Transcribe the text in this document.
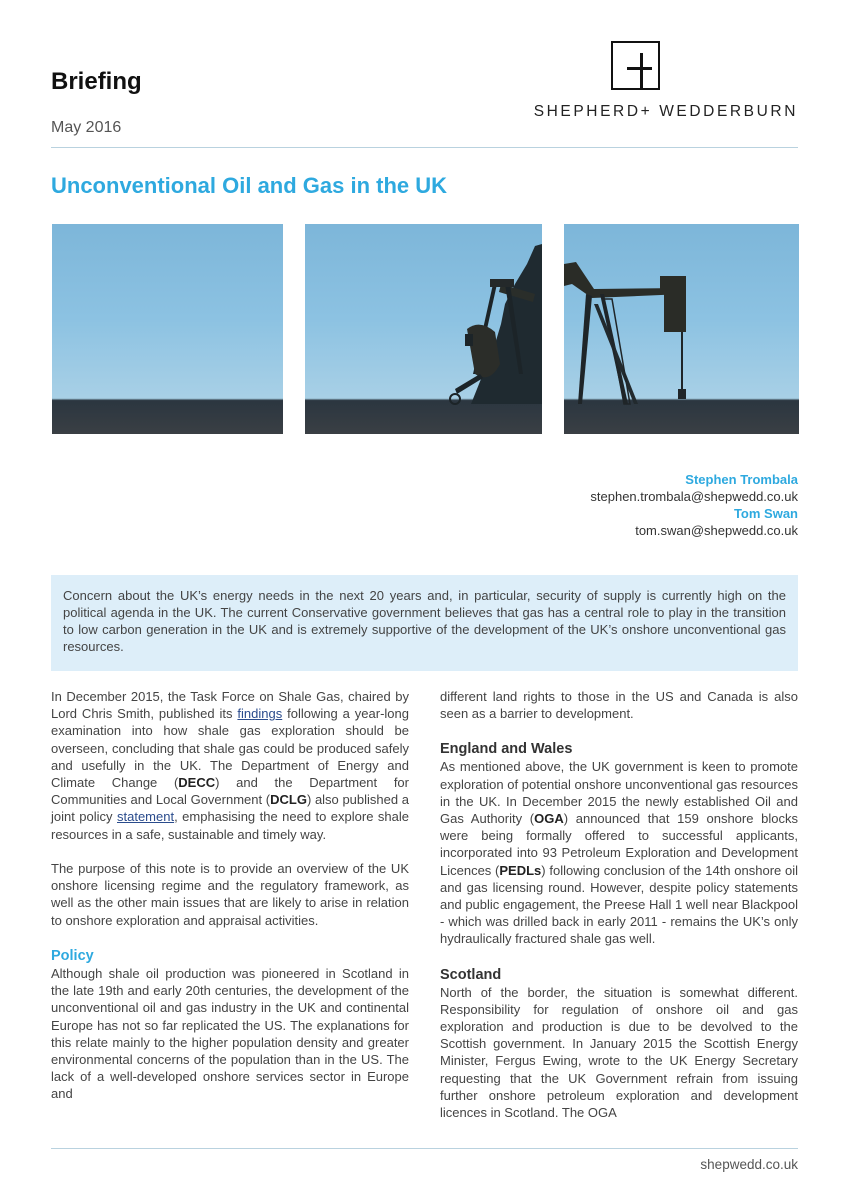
Briefing
May 2016
SHEPHERD+ WEDDERBURN
Unconventional Oil and Gas in the UK
Stephen Trombala
stephen.trombala@shepwedd.co.uk
Tom Swan
tom.swan@shepwedd.co.uk

Concern about the UK’s energy needs in the next 20 years and, in particular, security of supply is currently high on the political agenda in the UK. The current Conservative government believes that gas has a central role to play in the transition to low carbon generation in the UK and is extremely supportive of the development of the UK’s onshore unconventional gas resources.

In December 2015, the Task Force on Shale Gas, chaired by Lord Chris Smith, published its findings following a year-long examination into how shale gas exploration should be overseen, concluding that shale gas could be produced safely and usefully in the UK. The Department of Energy and Climate Change (DECC) and the Department for Communities and Local Government (DCLG) also published a joint policy statement, emphasising the need to explore shale resources in a safe, sustainable and timely way.

The purpose of this note is to provide an overview of the UK onshore licensing regime and the regulatory framework, as well as the other main issues that are likely to arise in relation to onshore exploration and appraisal activities.

Policy

Although shale oil production was pioneered in Scotland in the late 19th and early 20th centuries, the development of the unconventional oil and gas industry in the UK and continental Europe has not so far replicated the US. The explanations for this relate mainly to the higher population density and greater environmental concerns of the population than in the US. The lack of a well-developed onshore services sector in Europe and

different land rights to those in the US and Canada is also seen as a barrier to development.

England and Wales

As mentioned above, the UK government is keen to promote exploration of potential onshore unconventional gas resources in the UK. In December 2015 the newly established Oil and Gas Authority (OGA) announced that 159 onshore blocks were being formally offered to successful applicants, incorporated into 93 Petroleum Exploration and Development Licences (PEDLs) following conclusion of the 14th onshore oil and gas licensing round. However, despite policy statements and public engagement, the Preese Hall 1 well near Blackpool - which was drilled back in early 2011 - remains the UK’s only hydraulically fractured shale gas well.

Scotland

North of the border, the situation is somewhat different. Responsibility for regulation of onshore oil and gas exploration and production is due to be devolved to the Scottish government. In January 2015 the Scottish Energy Minister, Fergus Ewing, wrote to the UK Energy Secretary requesting that the UK Government refrain from issuing further onshore petroleum exploration and development licences in Scotland. The OGA

shepwedd.co.uk
